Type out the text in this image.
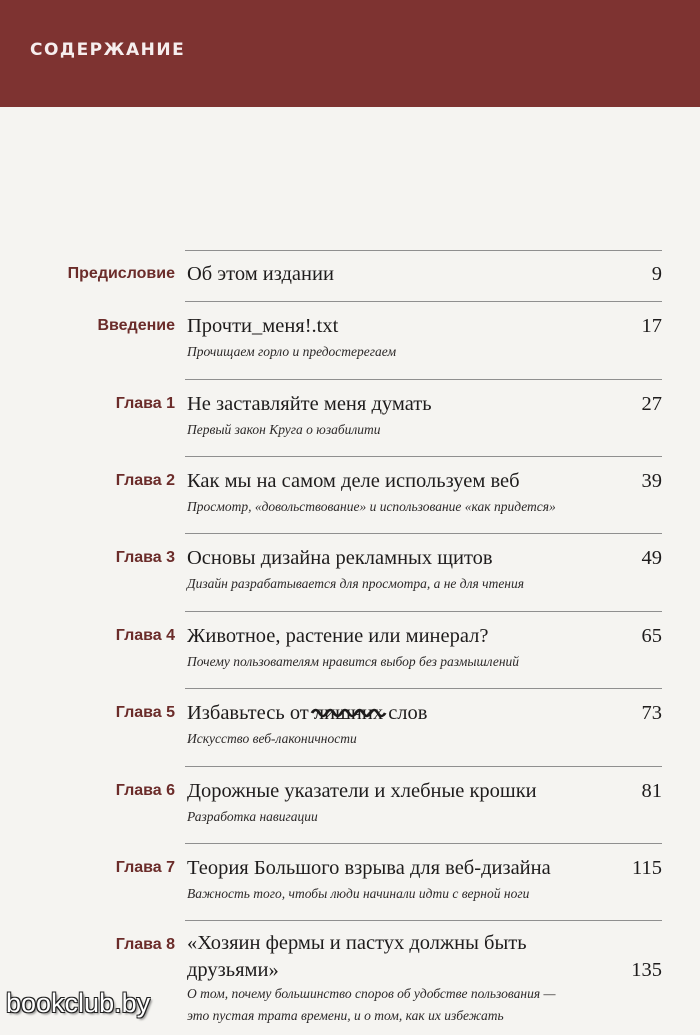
СОДЕРЖАНИЕ
Предисловие Об этом издании	9
Введение Прочти_меня!.txt	17
Прочищаем горло и предостерегаем
Глава 1 Не заставляйте меня думать	27
Первый закон Круга о юзабилити
Глава 2 Как мы на самом деле используем веб	39
Просмотр, «довольствование» и использование «как придется»
Глава 3 Основы дизайна рекламных щитов	49
Дизайн разрабатывается для просмотра, а не для чтения
Глава 4 Животное, растение или минерал?	65
Почему пользователям нравится выбор без размышлений
Глава 5 Избавьтесь от лишних
слов	73
Искусство веб-лаконичности
Глава 6 Дорожные указатели и хлебные крошки	81
Разработка навигации
Глава 7 Теория Большого взрыва для веб-дизайна	115
Важность того, чтобы люди начинали идти с верной ноги
Глава 8 «Хозяин фермы и пастух должны быть
друзьями»	135
О том, почему большинство споров об удобстве пользования —
это пустая трата времени, и о том, как их избежать
bookclub.by
